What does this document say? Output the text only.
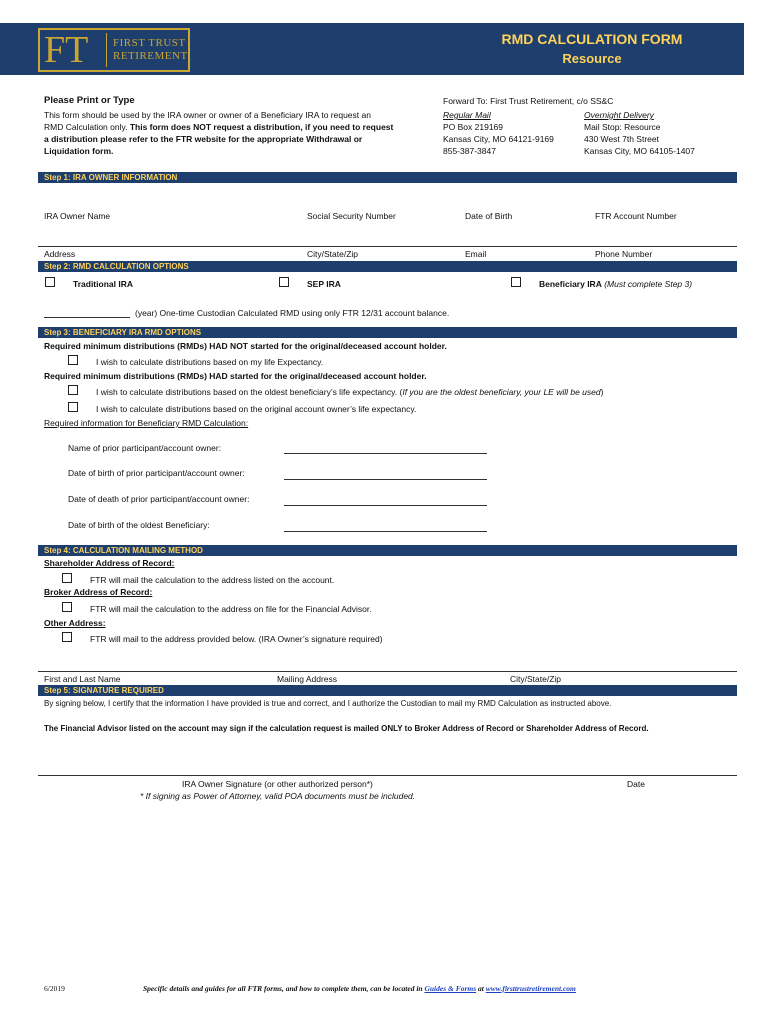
FT	FIRST TRUST
RETIREMENT
RMD CALCULATION FORM
Resource
Please Print or Type
This form should be used by the IRA owner or owner of a Beneficiary IRA to request an
RMD Calculation only. This form does NOT request a distribution, if you need to request
a distribution please refer to the FTR website for the appropriate Withdrawal or
Liquidation form.
Forward To: First Trust Retirement, c/o SS&C
Regular Mail
PO Box 219169
Kansas City, MO 64121-9169
855-387-3847
Overnight Delivery
Mail Stop: Resource
430 West 7th Street
Kansas City, MO 64105-1407
Step 1: IRA OWNER INFORMATION
IRA Owner Name	Social Security Number	Date of Birth	FTR Account Number
Address	City/State/Zip	Email	Phone Number
Step 2: RMD CALCULATION OPTIONS
Traditional IRA	SEP IRA	Beneficiary IRA (Must complete Step 3)
(year) One-time Custodian Calculated RMD using only FTR 12/31 account balance.
Step 3: BENEFICIARY IRA RMD OPTIONS
Required minimum distributions (RMDs) HAD NOT started for the original/deceased account holder.
I wish to calculate distributions based on my life Expectancy.
Required minimum distributions (RMDs) HAD started for the original/deceased account holder.
I wish to calculate distributions based on the oldest beneficiary’s life expectancy. (If you are the oldest beneficiary, your LE will be used)
I wish to calculate distributions based on the original account owner’s life expectancy.
Required information for Beneficiary RMD Calculation:
Name of prior participant/account owner:
Date of birth of prior participant/account owner:
Date of death of prior participant/account owner:
Date of birth of the oldest Beneficiary:
Step 4: CALCULATION MAILING METHOD
Shareholder Address of Record:
FTR will mail the calculation to the address listed on the account.
Broker Address of Record:
FTR will mail the calculation to the address on file for the Financial Advisor.
Other Address:
FTR will mail to the address provided below. (IRA Owner’s signature required)
First and Last Name	Mailing Address	City/State/Zip
Step 5: SIGNATURE REQUIRED
By signing below, I certify that the information I have provided is true and correct, and I authorize the Custodian to mail my RMD Calculation as instructed above.
The Financial Advisor listed on the account may sign if the calculation request is mailed ONLY to Broker Address of Record or Shareholder Address of Record.
IRA Owner Signature (or other authorized person*)	Date
* If signing as Power of Attorney, valid POA documents must be included.
6/2019	Specific details and guides for all FTR forms, and how to complete them, can be located in Guides & Forms at www.firsttrustretirement.com
